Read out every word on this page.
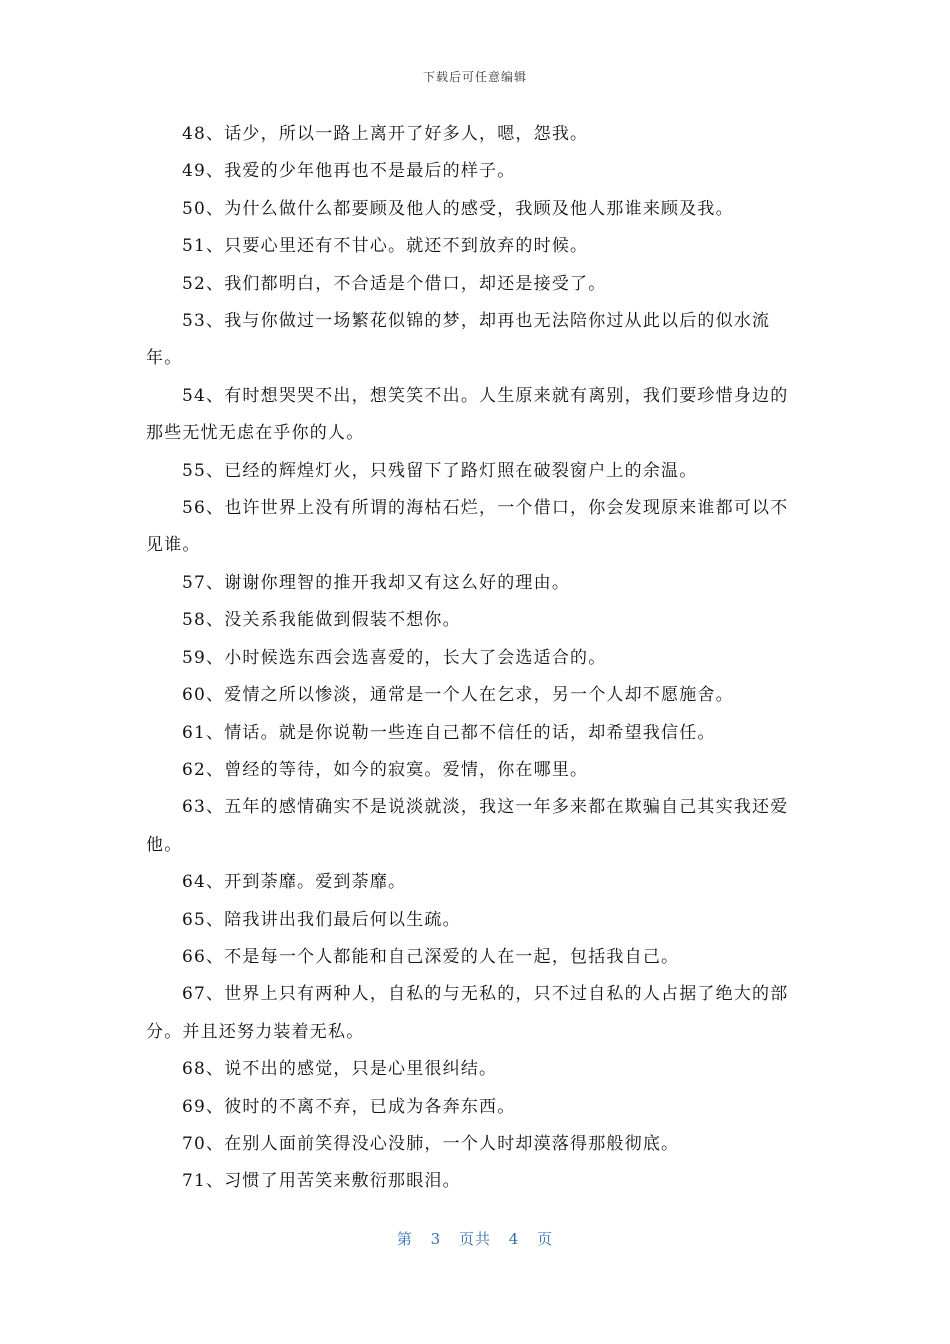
下载后可任意编辑

48、话少，所以一路上离开了好多人，嗯，怨我。

49、我爱的少年他再也不是最后的样子。

50、为什么做什么都要顾及他人的感受，我顾及他人那谁来顾及我。

51、只要心里还有不甘心。就还不到放弃的时候。

52、我们都明白，不合适是个借口，却还是接受了。

53、我与你做过一场繁花似锦的梦，却再也无法陪你过从此以后的似水流年。

54、有时想哭哭不出，想笑笑不出。人生原来就有离别，我们要珍惜身边的那些无忧无虑在乎你的人。

55、已经的辉煌灯火，只残留下了路灯照在破裂窗户上的余温。

56、也许世界上没有所谓的海枯石烂，一个借口，你会发现原来谁都可以不见谁。

57、谢谢你理智的推开我却又有这么好的理由。

58、没关系我能做到假装不想你。

59、小时候选东西会选喜爱的，长大了会选适合的。

60、爱情之所以惨淡，通常是一个人在乞求，另一个人却不愿施舍。

61、情话。就是你说勒一些连自己都不信任的话，却希望我信任。

62、曾经的等待，如今的寂寞。爱情，你在哪里。

63、五年的感情确实不是说淡就淡，我这一年多来都在欺骗自己其实我还爱他。

64、开到荼靡。爱到荼靡。

65、陪我讲出我们最后何以生疏。

66、不是每一个人都能和自己深爱的人在一起，包括我自己。

67、世界上只有两种人，自私的与无私的，只不过自私的人占据了绝大的部分。并且还努力装着无私。

68、说不出的感觉，只是心里很纠结。

69、彼时的不离不弃，已成为各奔东西。

70、在别人面前笑得没心没肺，一个人时却漠落得那般彻底。

71、习惯了用苦笑来敷衍那眼泪。

第 3 页共 4 页
